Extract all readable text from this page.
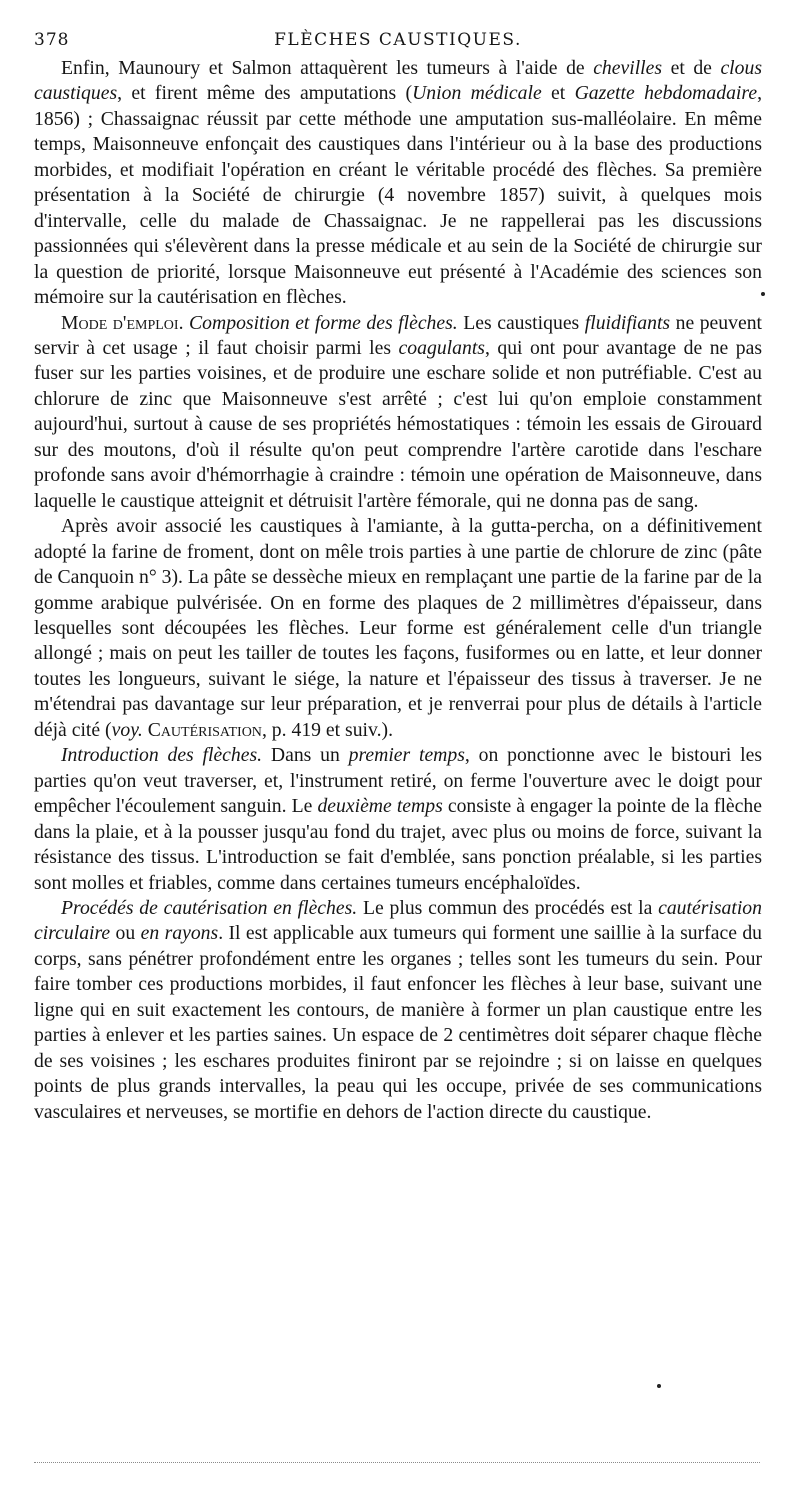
378	FLÈCHES CAUSTIQUES.

Enfin, Maunoury et Salmon attaquèrent les tumeurs à l'aide de chevilles et de clous caustiques, et firent même des amputations (Union médicale et Gazette hebdomadaire, 1856) ; Chassaignac réussit par cette méthode une amputation sus-malléolaire. En même temps, Maisonneuve enfonçait des caustiques dans l'intérieur ou à la base des productions morbides, et modifiait l'opération en créant le véritable procédé des flèches. Sa première présentation à la Société de chirurgie (4 novembre 1857) suivit, à quelques mois d'intervalle, celle du malade de Chassaignac. Je ne rappellerai pas les discussions passionnées qui s'élevèrent dans la presse médicale et au sein de la Société de chirurgie sur la question de priorité, lorsque Maisonneuve eut présenté à l'Académie des sciences son mémoire sur la cautérisation en flèches.

Mode d'emploi. Composition et forme des flèches. Les caustiques fluidifiants ne peuvent servir à cet usage ; il faut choisir parmi les coagulants, qui ont pour avantage de ne pas fuser sur les parties voisines, et de produire une eschare solide et non putréfiable. C'est au chlorure de zinc que Maisonneuve s'est arrêté ; c'est lui qu'on emploie constamment aujourd'hui, surtout à cause de ses propriétés hémostatiques : témoin les essais de Girouard sur des moutons, d'où il résulte qu'on peut comprendre l'artère carotide dans l'eschare profonde sans avoir d'hémorrhagie à craindre : témoin une opération de Maisonneuve, dans laquelle le caustique atteignit et détruisit l'artère fémorale, qui ne donna pas de sang.

Après avoir associé les caustiques à l'amiante, à la gutta-percha, on a définitivement adopté la farine de froment, dont on mêle trois parties à une partie de chlorure de zinc (pâte de Canquoin n° 3). La pâte se dessèche mieux en remplaçant une partie de la farine par de la gomme arabique pulvérisée. On en forme des plaques de 2 millimètres d'épaisseur, dans lesquelles sont découpées les flèches. Leur forme est généralement celle d'un triangle allongé ; mais on peut les tailler de toutes les façons, fusiformes ou en latte, et leur donner toutes les longueurs, suivant le siége, la nature et l'épaisseur des tissus à traverser. Je ne m'étendrai pas davantage sur leur préparation, et je renverrai pour plus de détails à l'article déjà cité (voy. Cautérisation, p. 419 et suiv.).

Introduction des flèches. Dans un premier temps, on ponctionne avec le bistouri les parties qu'on veut traverser, et, l'instrument retiré, on ferme l'ouverture avec le doigt pour empêcher l'écoulement sanguin. Le deuxième temps consiste à engager la pointe de la flèche dans la plaie, et à la pousser jusqu'au fond du trajet, avec plus ou moins de force, suivant la résistance des tissus. L'introduction se fait d'emblée, sans ponction préalable, si les parties sont molles et friables, comme dans certaines tumeurs encéphaloïdes.

Procédés de cautérisation en flèches. Le plus commun des procédés est la cautérisation circulaire ou en rayons. Il est applicable aux tumeurs qui forment une saillie à la surface du corps, sans pénétrer profondément entre les organes ; telles sont les tumeurs du sein. Pour faire tomber ces productions morbides, il faut enfoncer les flèches à leur base, suivant une ligne qui en suit exactement les contours, de manière à former un plan caustique entre les parties à enlever et les parties saines. Un espace de 2 centimètres doit séparer chaque flèche de ses voisines ; les eschares produites finiront par se rejoindre ; si on laisse en quelques points de plus grands intervalles, la peau qui les occupe, privée de ses communications vasculaires et nerveuses, se mortifie en dehors de l'action directe du caustique.
